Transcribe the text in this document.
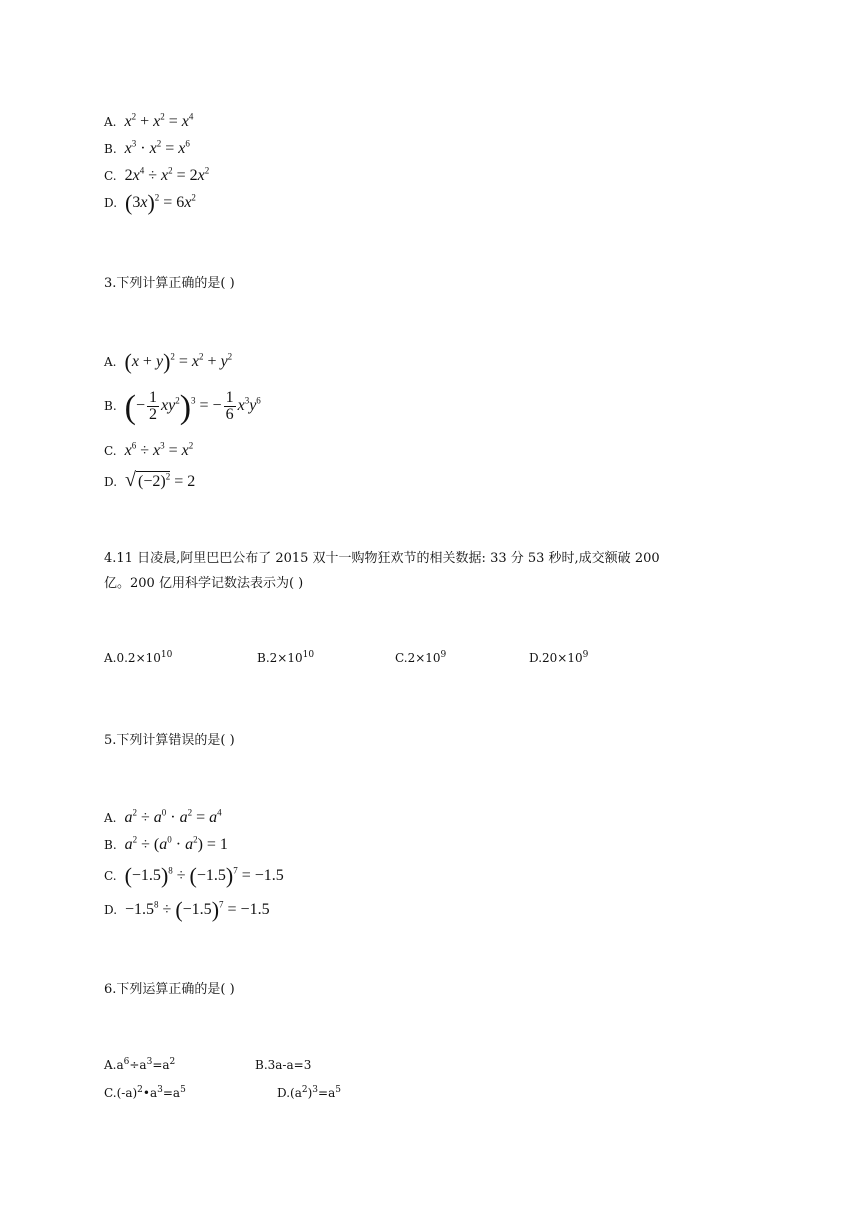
A. $x^2 + x^2 = x^4$
B. $x^3 \cdot x^2 = x^6$
C. $2x^4 \div x^2 = 2x^2$
D. $(3x)^2 = 6x^2$
3.下列计算正确的是( )
A. $(x + y)^2 = x^2 + y^2$
B. (− $\frac{1}{2} xy^2)^3$ = − $\frac{1}{6} x^3y^6$
C. $x^6 \div x^3 = x^2$
D. √ $(-2)^2 = 2$
4.11 日凌晨,阿里巴巴公布了 2015 双十一购物狂欢节的相关数据: 33 分 53 秒时,成交额破 200
亿。200 亿用科学记数法表示为( )
$A.0.2\times 10^{10}$	$B.2\times 10^{10}$	$C.2\times 10^9$	$D.20\times 10^9$
5.下列计算错误的是( )
A. $a^2 \div a^0 \cdot a^2 = a^4$
B. $a^2 \div (a^0 \cdot a^2) = 1$
C. $(-1.5)^8 \div (-1.5)^7 = -1.5$
D. $-1.5^8 \div (-1.5)^7 = -1.5$
6.下列运算正确的是( )
$A.a^6\div a^3=a^2$	B.3a-a=3
$C.(-a)^2•a^3=a^5$	$D.(a^2)^3=a^5$
